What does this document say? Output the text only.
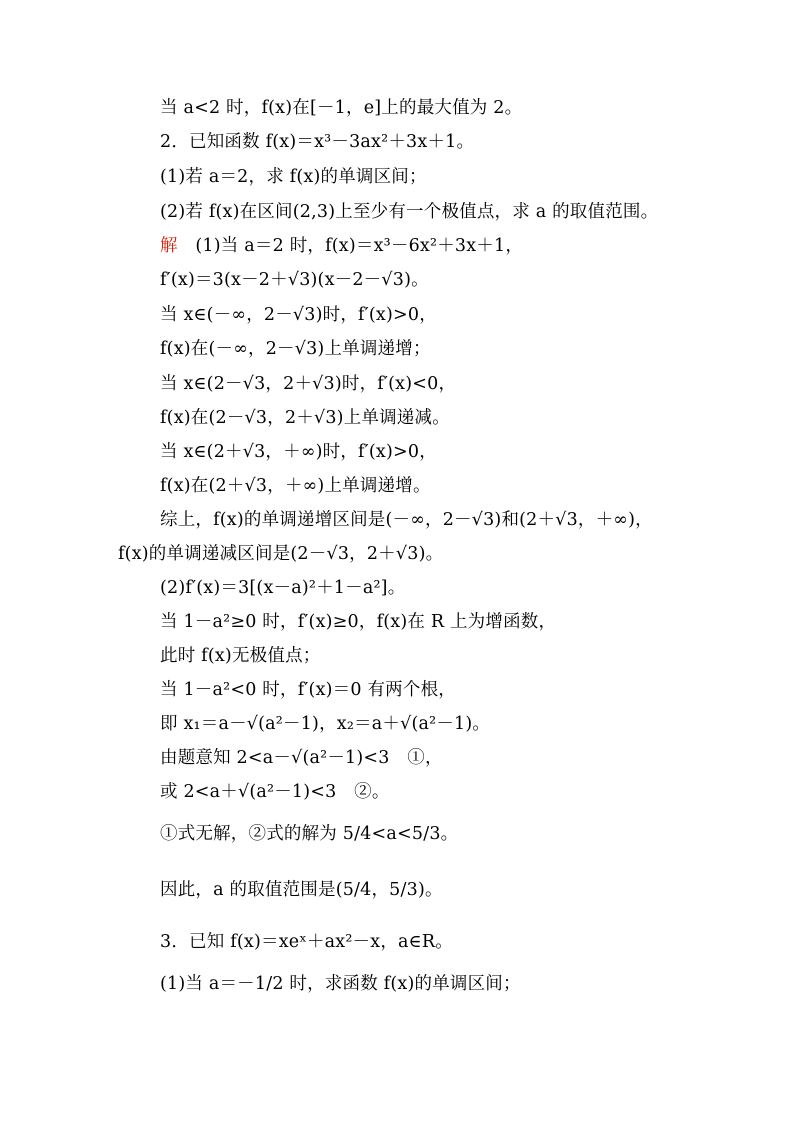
当 a<2 时，f(x)在[－1，e]上的最大值为 2。
2．已知函数 f(x)＝x³－3ax²＋3x＋1。
(1)若 a＝2，求 f(x)的单调区间；
(2)若 f(x)在区间(2,3)上至少有一个极值点，求 a 的取值范围。
解　 (1)当 a＝2 时，f(x)＝x³－6x²＋3x＋1，
f′(x)＝3(x－2＋√3)(x－2－√3)。
当 x∈(－∞，2－√3)时，f′(x)>0，
f(x)在(－∞，2－√3)上单调递增；
当 x∈(2－√3，2＋√3)时，f′(x)<0，
f(x)在(2－√3，2＋√3)上单调递减。
当 x∈(2＋√3，＋∞)时，f′(x)>0，
f(x)在(2＋√3，＋∞)上单调递增。
综上，f(x)的单调递增区间是(－∞，2－√3)和(2＋√3，＋∞)，
f(x)的单调递减区间是(2－√3，2＋√3)。
(2)f′(x)＝3[(x－a)²＋1－a²]。
当 1－a²≥0 时，f′(x)≥0，f(x)在 R 上为增函数，
此时 f(x)无极值点；
当 1－a²<0 时，f′(x)＝0 有两个根，
即 x₁＝a－√(a²－1)，x₂＝a＋√(a²－1)。
由题意知 2<a－√(a²－1)<3　①，
或 2<a＋√(a²－1)<3　②。
①式无解，②式的解为 5/4<a<5/3。
因此，a 的取值范围是(5/4，5/3)。
3．已知 f(x)＝xeˣ＋ax²－x，a∈R。
(1)当 a＝－1/2 时，求函数 f(x)的单调区间；
